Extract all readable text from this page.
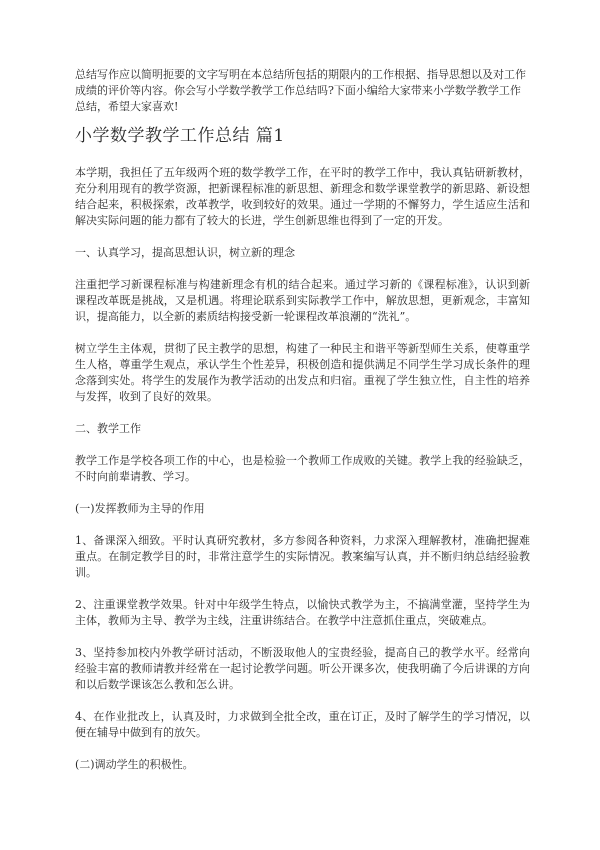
总结写作应以简明扼要的文字写明在本总结所包括的期限内的工作根据、指导思想以及对工作成绩的评价等内容。你会写小学数学教学工作总结吗?下面小编给大家带来小学数学教学工作总结，希望大家喜欢!

小学数学教学工作总结 篇1

本学期，我担任了五年级两个班的数学教学工作，在平时的教学工作中，我认真钻研新教材，充分利用现有的教学资源，把新课程标准的新思想、新理念和数学课堂教学的新思路、新设想结合起来，积极探索，改革教学，收到较好的效果。通过一学期的不懈努力，学生适应生活和解决实际问题的能力都有了较大的长进，学生创新思维也得到了一定的开发。

一、认真学习，提高思想认识，树立新的理念

注重把学习新课程标准与构建新理念有机的结合起来。通过学习新的《课程标准》，认识到新课程改革既是挑战，又是机遇。将理论联系到实际教学工作中，解放思想，更新观念，丰富知识，提高能力，以全新的素质结构接受新一轮课程改革浪潮的“洗礼”。

树立学生主体观，贯彻了民主教学的思想，构建了一种民主和谐平等新型师生关系，使尊重学生人格，尊重学生观点，承认学生个性差异，积极创造和提供满足不同学生学习成长条件的理念落到实处。将学生的发展作为教学活动的出发点和归宿。重视了学生独立性，自主性的培养与发挥，收到了良好的效果。

二、教学工作

教学工作是学校各项工作的中心，也是检验一个教师工作成败的关键。教学上我的经验缺乏，不时向前辈请教、学习。

(一)发挥教师为主导的作用

1、备课深入细致。平时认真研究教材，多方参阅各种资料，力求深入理解教材，准确把握难重点。在制定教学目的时，非常注意学生的实际情况。教案编写认真，并不断归纳总结经验教训。

2、注重课堂教学效果。针对中年级学生特点，以愉快式教学为主，不搞满堂灌，坚持学生为主体，教师为主导、教学为主线，注重讲练结合。在教学中注意抓住重点，突破难点。

3、坚持参加校内外教学研讨活动，不断汲取他人的宝贵经验，提高自己的教学水平。经常向经验丰富的教师请教并经常在一起讨论教学问题。听公开课多次，使我明确了今后讲课的方向和以后数学课该怎么教和怎么讲。

4、在作业批改上，认真及时，力求做到全批全改，重在订正，及时了解学生的学习情况，以便在辅导中做到有的放矢。

(二)调动学生的积极性。
